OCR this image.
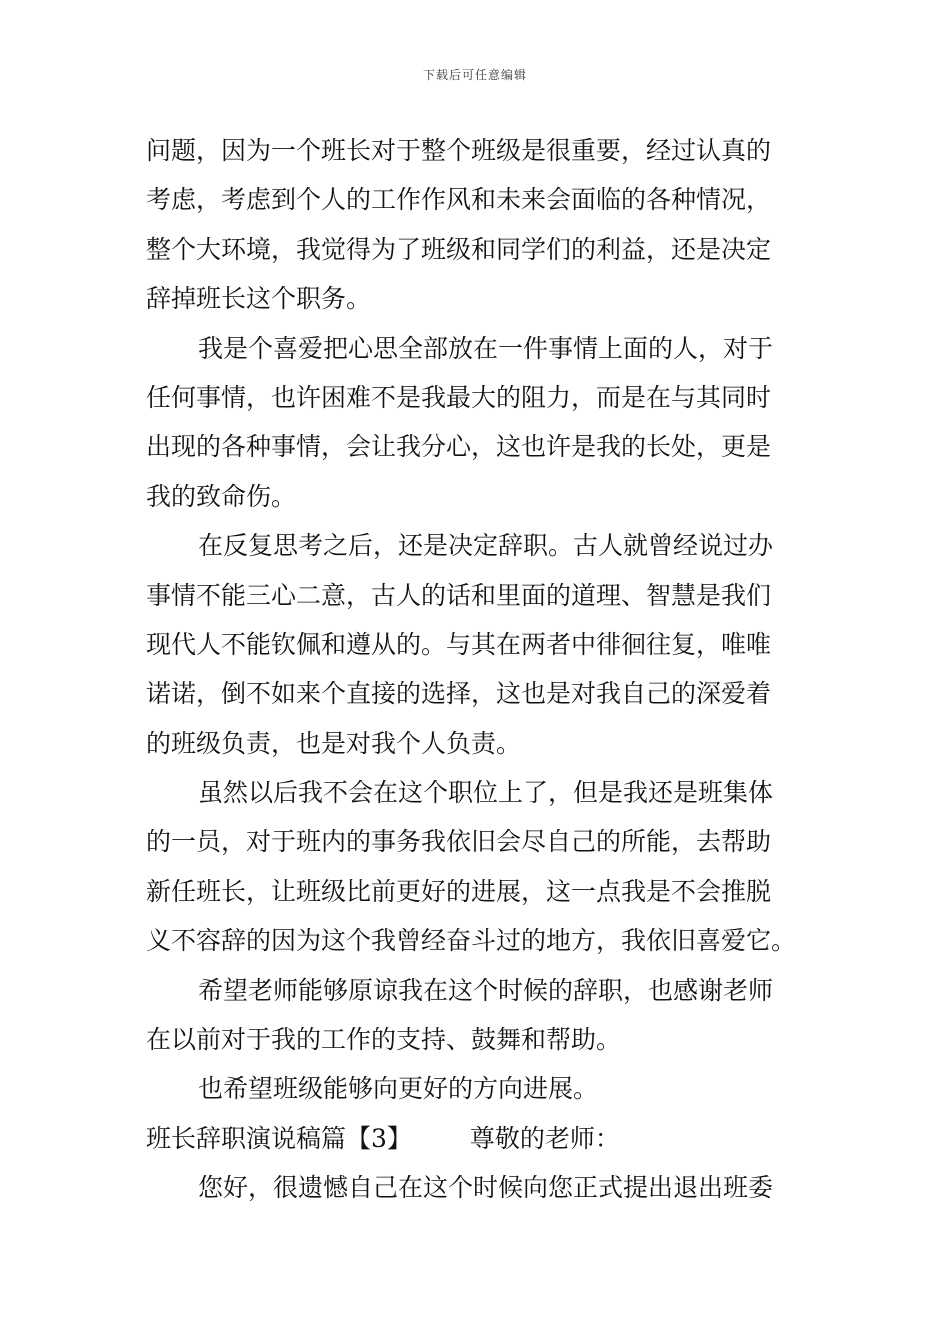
下载后可任意编辑
问题，因为一个班长对于整个班级是很重要，经过认真的
考虑，考虑到个人的工作作风和未来会面临的各种情况，
整个大环境，我觉得为了班级和同学们的利益，还是决定
辞掉班长这个职务。
我是个喜爱把心思全部放在一件事情上面的人，对于
任何事情，也许困难不是我最大的阻力，而是在与其同时
出现的各种事情，会让我分心，这也许是我的长处，更是
我的致命伤。
在反复思考之后，还是决定辞职。古人就曾经说过办
事情不能三心二意，古人的话和里面的道理、智慧是我们
现代人不能钦佩和遵从的。与其在两者中徘徊往复，唯唯
诺诺，倒不如来个直接的选择，这也是对我自己的深爱着
的班级负责，也是对我个人负责。
虽然以后我不会在这个职位上了，但是我还是班集体
的一员，对于班内的事务我依旧会尽自己的所能，去帮助
新任班长，让班级比前更好的进展，这一点我是不会推脱
义不容辞的因为这个我曾经奋斗过的地方，我依旧喜爱它。
希望老师能够原谅我在这个时候的辞职，也感谢老师
在以前对于我的工作的支持、鼓舞和帮助。
也希望班级能够向更好的方向进展。
班长辞职演说稿篇【3】 尊敬的老师：
您好，很遗憾自己在这个时候向您正式提出退出班委
